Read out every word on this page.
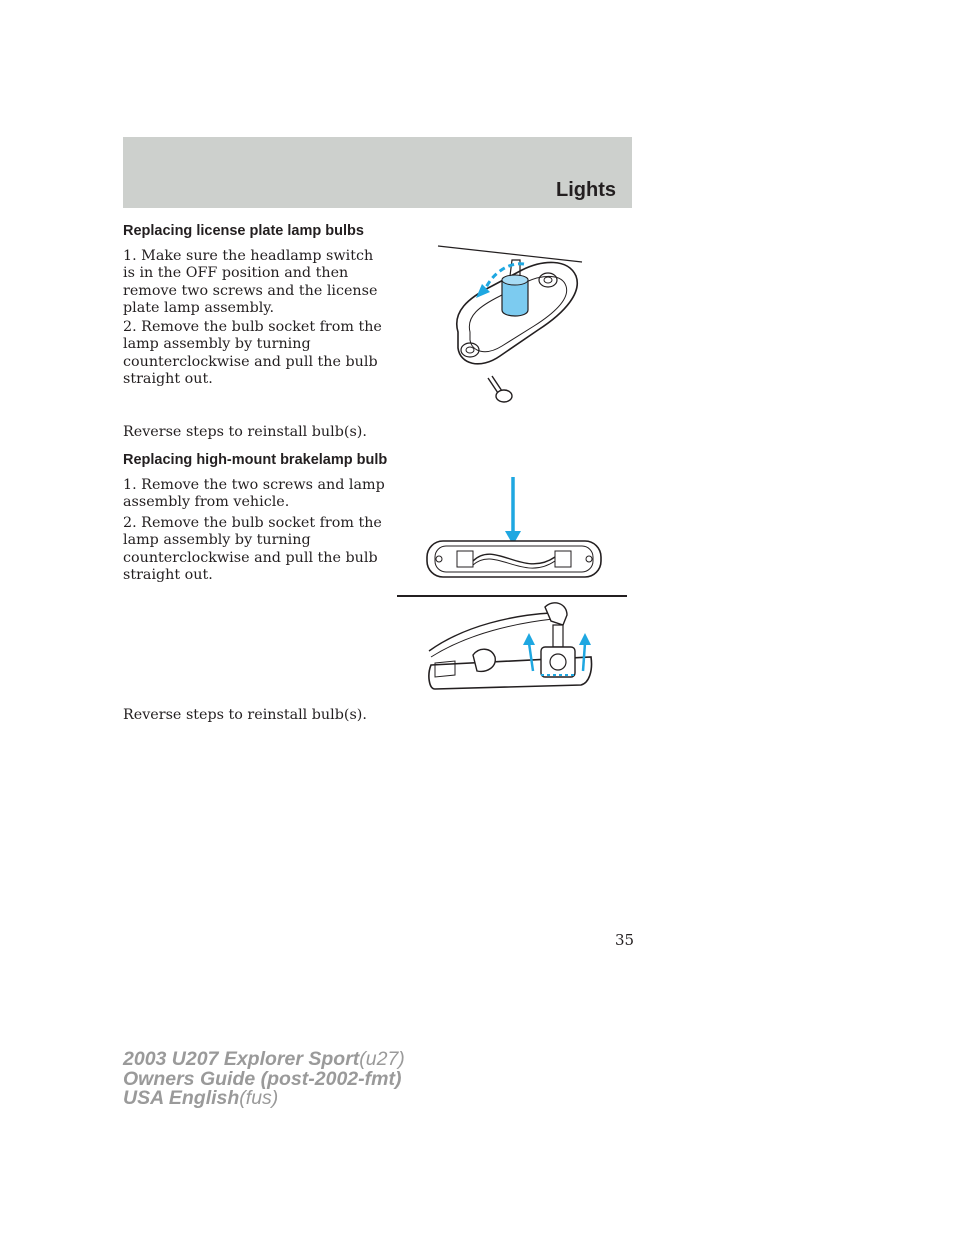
Lights
Replacing license plate lamp bulbs

1. Make sure the headlamp switch is in the OFF position and then remove two screws and the license plate lamp assembly.

2. Remove the bulb socket from the lamp assembly by turning counterclockwise and pull the bulb straight out.

Reverse steps to reinstall bulb(s).

Replacing high-mount brakelamp bulb

1. Remove the two screws and lamp assembly from vehicle.

2. Remove the bulb socket from the lamp assembly by turning counterclockwise and pull the bulb straight out.

Reverse steps to reinstall bulb(s).

35
2003 U207 Explorer Sport(u27)
Owners Guide (post-2002-fmt)
USA English(fus)
